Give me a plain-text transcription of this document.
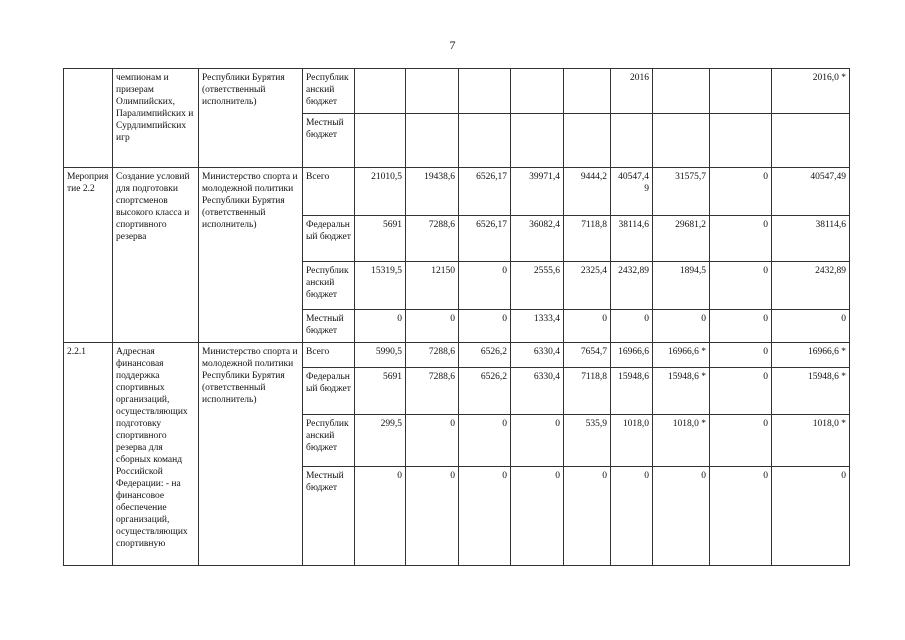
7
	чемпионам и призерам Олимпийских, Паралимпийских и Сурдлимпийских игр	Республики Бурятия (ответственный исполнитель)	Республиканский бюджет						2016			2016,0 *
			Местный бюджет									
Мероприятие 2.2	Создание условий для подготовки спортсменов высокого класса и спортивного резерва	Министерство спорта и молодежной политики Республики Бурятия (ответственный исполнитель)	Всего	21010,5	19438,6	6526,17	39971,4	9444,2	40547,49	31575,7	0	40547,49
			Федеральный бюджет	5691	7288,6	6526,17	36082,4	7118,8	38114,6	29681,2	0	38114,6
			Республиканский бюджет	15319,5	12150	0	2555,6	2325,4	2432,89	1894,5	0	2432,89
			Местный бюджет	0	0	0	1333,4	0	0	0	0	0
2.2.1	Адресная финансовая поддержка спортивных организаций, осуществляющих подготовку спортивного резерва для сборных команд Российской Федерации: - на финансовое обеспечение организаций, осуществляющих спортивную	Министерство спорта и молодежной политики Республики Бурятия (ответственный исполнитель)	Всего	5990,5	7288,6	6526,2	6330,4	7654,7	16966,6	16966,6 *	0	16966,6 *
			Федеральный бюджет	5691	7288,6	6526,2	6330,4	7118,8	15948,6	15948,6 *	0	15948,6 *
			Республиканский бюджет	299,5	0	0	0	535,9	1018,0	1018,0 *	0	1018,0 *
			Местный бюджет	0	0	0	0	0	0	0	0	0
